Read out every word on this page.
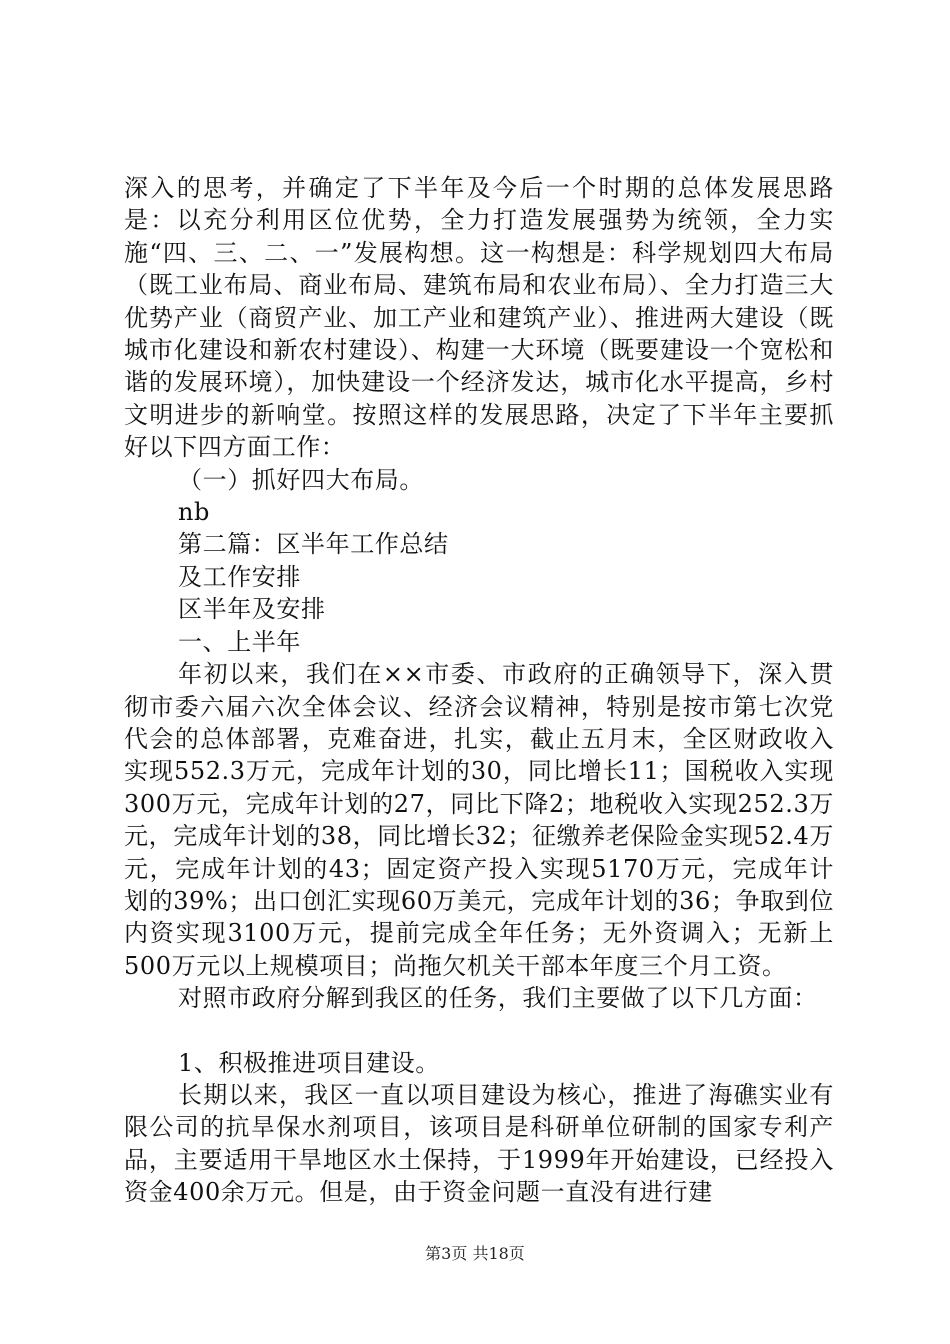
深入的思考，并确定了下半年及今后一个时期的总体发展思路是：以充分利用区位优势，全力打造发展强势为统领，全力实施“四、三、二、一”发展构想。这一构想是：科学规划四大布局（既工业布局、商业布局、建筑布局和农业布局）、全力打造三大优势产业（商贸产业、加工产业和建筑产业）、推进两大建设（既城市化建设和新农村建设）、构建一大环境（既要建设一个宽松和谐的发展环境），加快建设一个经济发达，城市化水平提高，乡村文明进步的新响堂。按照这样的发展思路，决定了下半年主要抓好以下四方面工作：

（一）抓好四大布局。

nb

第二篇：区半年工作总结

及工作安排

区半年及安排

一、上半年

年初以来，我们在××市委、市政府的正确领导下，深入贯彻市委六届六次全体会议、经济会议精神，特别是按市第七次党代会的总体部署，克难奋进，扎实，截止五月末，全区财政收入实现552.3万元，完成年计划的30，同比增长11；国税收入实现300万元，完成年计划的27，同比下降2；地税收入实现252.3万元，完成年计划的38，同比增长32；征缴养老保险金实现52.4万元，完成年计划的43；固定资产投入实现5170万元，完成年计划的39%；出口创汇实现60万美元，完成年计划的36；争取到位内资实现3100万元，提前完成全年任务；无外资调入；无新上500万元以上规模项目；尚拖欠机关干部本年度三个月工资。

对照市政府分解到我区的任务，我们主要做了以下几方面：

1、积极推进项目建设。

长期以来，我区一直以项目建设为核心，推进了海礁实业有限公司的抗旱保水剂项目，该项目是科研单位研制的国家专利产品，主要适用干旱地区水土保持，于1999年开始建设，已经投入资金400余万元。但是，由于资金问题一直没有进行建

第3页 共18页
